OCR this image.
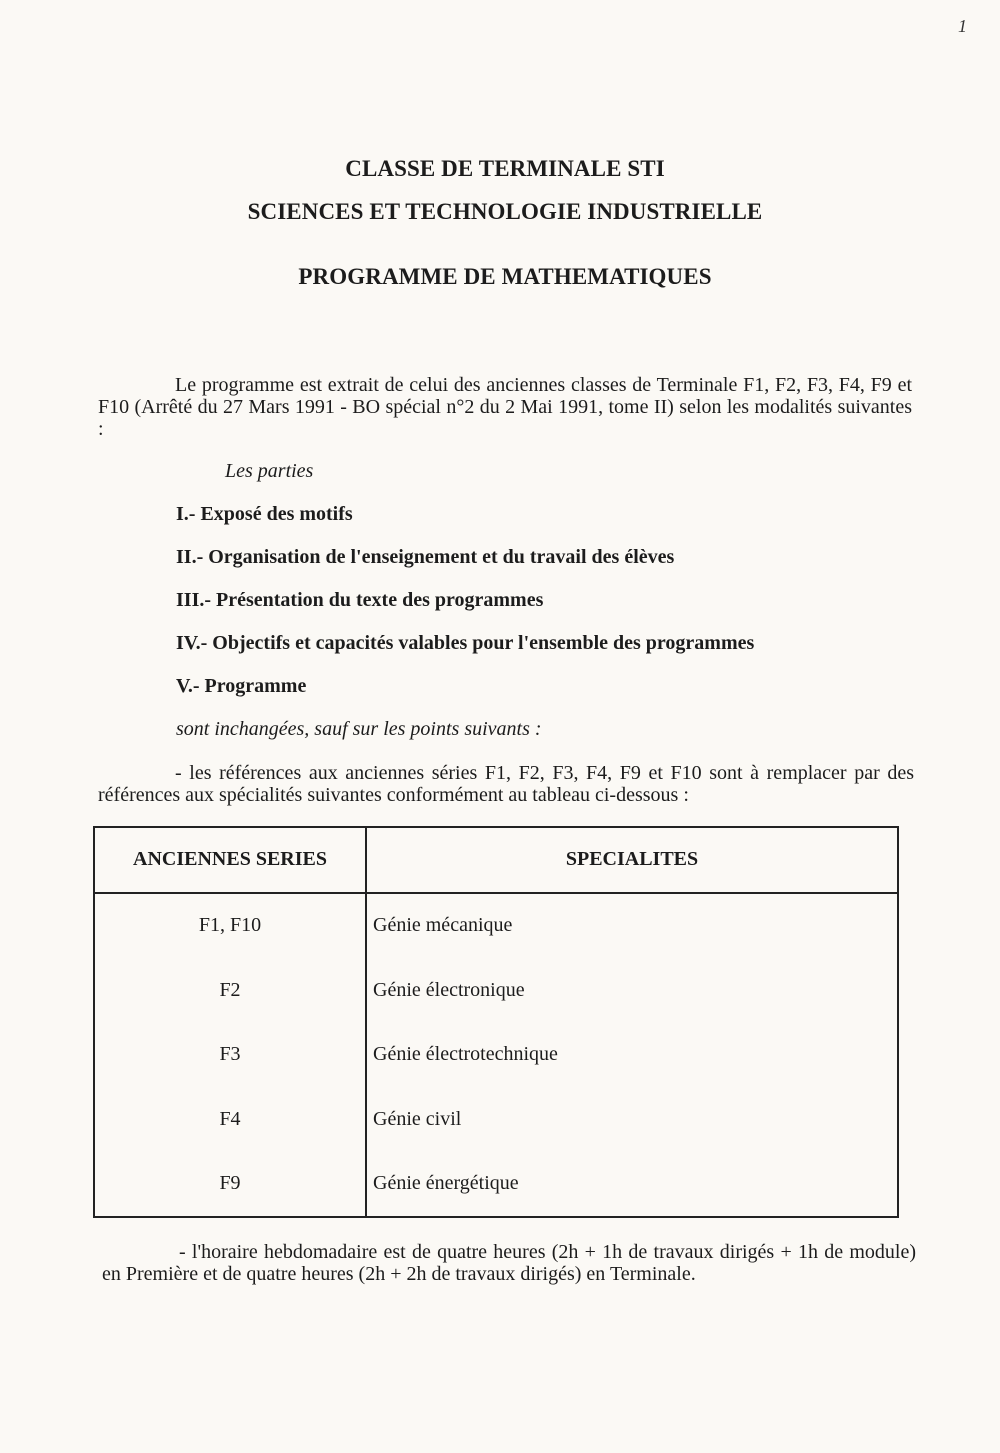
1
CLASSE DE TERMINALE STI
SCIENCES ET TECHNOLOGIE INDUSTRIELLE
PROGRAMME DE MATHEMATIQUES

Le programme est extrait de celui des anciennes classes de Terminale F1, F2, F3, F4, F9 et F10 (Arrêté du 27 Mars 1991 - BO spécial n°2 du 2 Mai 1991, tome II) selon les modalités suivantes :

Les parties
I.- Exposé des motifs
II.- Organisation de l'enseignement et du travail des élèves
III.- Présentation du texte des programmes
IV.- Objectifs et capacités valables pour l'ensemble des programmes
V.- Programme
sont inchangées, sauf sur les points suivants :

- les références aux anciennes séries F1, F2, F3, F4, F9 et F10 sont à remplacer par des références aux spécialités suivantes conformément au tableau ci-dessous :

ANCIENNES SERIES	SPECIALITES
F1, F10	Génie mécanique
F2	Génie électronique
F3	Génie électrotechnique
F4	Génie civil
F9	Génie énergétique

- l'horaire hebdomadaire est de quatre heures (2h + 1h de travaux dirigés + 1h de module) en Première et de quatre heures (2h + 2h de travaux dirigés) en Terminale.
